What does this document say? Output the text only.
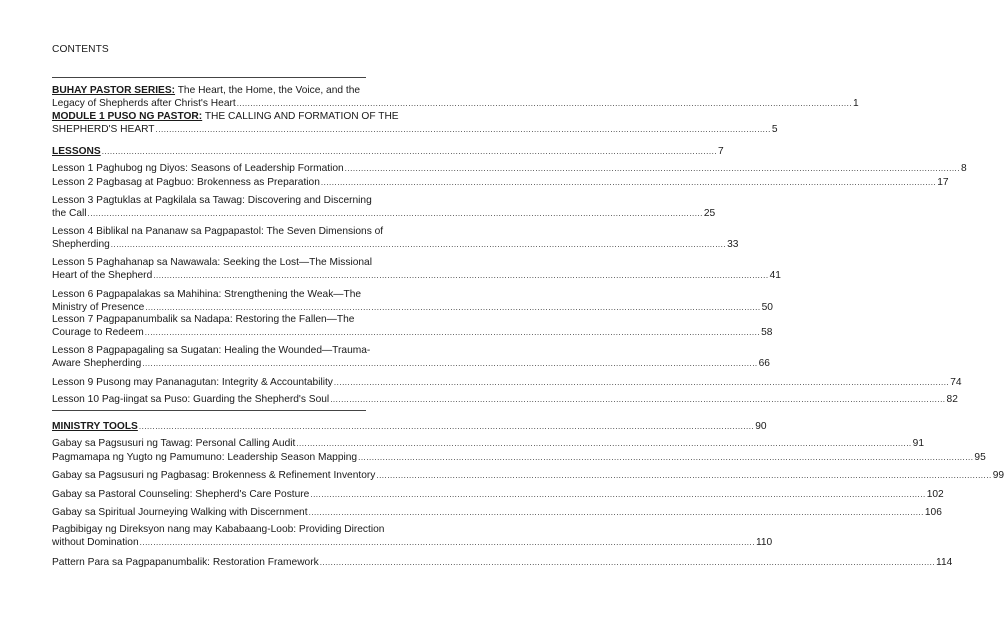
CONTENTS
BUHAY PASTOR SERIES: The Heart, the Home, the Voice, and the
Legacy of Shepherds after Christ's Heart .....	1
MODULE 1 PUSO NG PASTOR: THE CALLING AND FORMATION OF THE
SHEPHERD'S HEART .....	5
LESSONS .....	7
Lesson 1 Paghubog ng Diyos: Seasons of Leadership Formation .....	8
Lesson 2 Pagbasag at Pagbuo: Brokenness as Preparation .....	17
Lesson 3 Pagtuklas at Pagkilala sa Tawag: Discovering and Discerning
the Call .....	25
Lesson 4 Biblikal na Pananaw sa Pagpapastol: The Seven Dimensions of
Shepherding .....	33
Lesson 5 Paghahanap sa Nawawala: Seeking the Lost—The Missional
Heart of the Shepherd .....	41
Lesson 6 Pagpapalakas sa Mahihina: Strengthening the Weak—The
Ministry of Presence .....	50
Lesson 7 Pagpapanumbalik sa Nadapa: Restoring the Fallen—The
Courage to Redeem .....	58
Lesson 8 Pagpapagaling sa Sugatan: Healing the Wounded—Trauma-
Aware Shepherding .....	66
Lesson 9 Pusong may Pananagutan: Integrity & Accountability .....	74
Lesson 10 Pag-iingat sa Puso: Guarding the Shepherd's Soul .....	82
MINISTRY TOOLS .....	90
Gabay sa Pagsusuri ng Tawag: Personal Calling Audit .....	91
Pagmamapa ng Yugto ng Pamumuno: Leadership Season Mapping .....	95
Gabay sa Pagsusuri ng Pagbasag: Brokenness & Refinement Inventory .....	99
Gabay sa Pastoral Counseling: Shepherd's Care Posture .....	102
Gabay sa Spiritual Journeying Walking with Discernment .....	106
Pagbibigay ng Direksyon nang may Kababaang-Loob: Providing Direction
without Domination .....	110
Pattern Para sa Pagpapanumbalik: Restoration Framework .....	114
